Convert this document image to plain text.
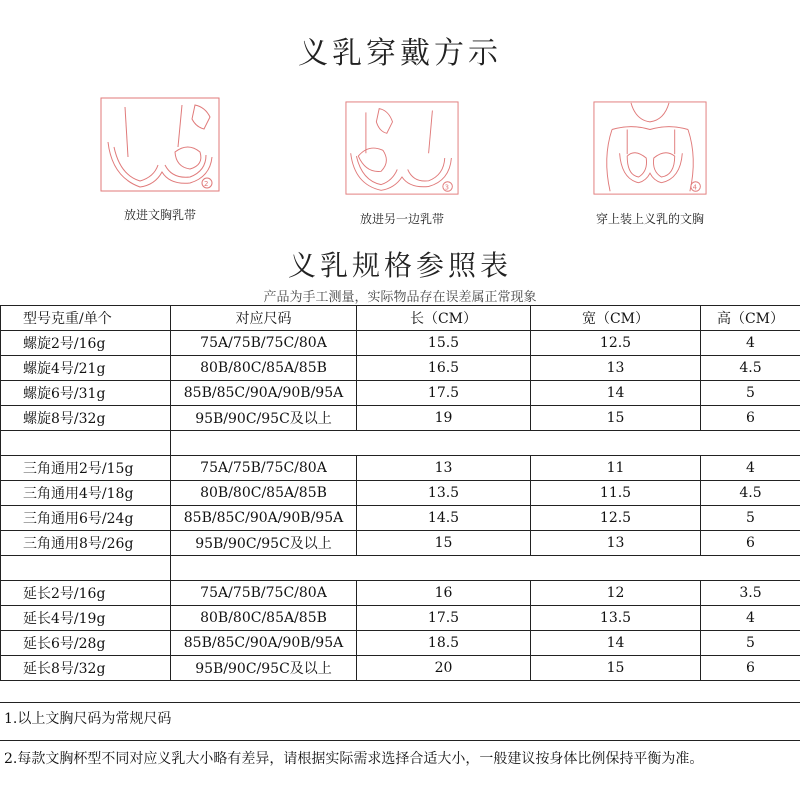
义乳穿戴方示
2
放进文胸乳带
3
放进另一边乳带
4
穿上装上义乳的文胸
义乳规格参照表
产品为手工测量，实际物品存在误差属正常现象
型号克重/单个	对应尺码	长（CM）	宽（CM）	高（CM）
螺旋2号/16g	75A/75B/75C/80A	15.5	12.5	4
螺旋4号/21g	80B/80C/85A/85B	16.5	13	4.5
螺旋6号/31g	85B/85C/90A/90B/95A	17.5	14	5
螺旋8号/32g	95B/90C/95C及以上	19	15	6

三角通用2号/15g	75A/75B/75C/80A	13	11	4
三角通用4号/18g	80B/80C/85A/85B	13.5	11.5	4.5
三角通用6号/24g	85B/85C/90A/90B/95A	14.5	12.5	5
三角通用8号/26g	95B/90C/95C及以上	15	13	6

延长2号/16g	75A/75B/75C/80A	16	12	3.5
延长4号/19g	80B/80C/85A/85B	17.5	13.5	4
延长6号/28g	85B/85C/90A/90B/95A	18.5	14	5
延长8号/32g	95B/90C/95C及以上	20	15	6
1.以上文胸尺码为常规尺码
2.每款文胸杯型不同对应义乳大小略有差异，请根据实际需求选择合适大小，一般建议按身体比例保持平衡为准。
